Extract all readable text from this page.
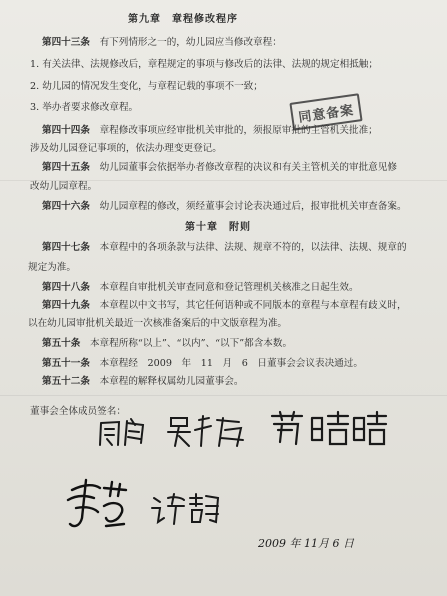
第九章　章程修改程序
第四十三条　 有下列情形之一的，幼儿园应当修改章程：
1. 有关法律、法规修改后，章程规定的事项与修改后的法律、法规的规定相抵触；
2. 幼儿园的情况发生变化，与章程记载的事项不一致；
3. 举办者要求修改章程。	同意备案
第四十四条　 章程修改事项应经审批机关审批的，须报原审批的主管机关批准；
涉及幼儿园登记事项的，依法办理变更登记。
第四十五条　 幼儿园董事会依据举办者修改章程的决议和有关主管机关的审批意见修
改幼儿园章程。
第四十六条　 幼儿园章程的修改，须经董事会讨论表决通过后，报审批机关审查备案。
第十章　附则
第四十七条　 本章程中的各项条款与法律、法规、规章不符的，以法律、法规、规章的
规定为准。
第四十八条　 本章程自审批机关审查同意和登记管理机关核准之日起生效。
第四十九条　 本章程以中文书写，其它任何语种或不同版本的章程与本章程有歧义时，
以在幼儿园审批机关最近一次核准备案后的中文版章程为准。
第五十条　 本章程所称“以上”、“以内”、“以下”都含本数。
第五十一条　 本章程经　2009　年　11　月　6　日董事会会议表决通过。
第五十二条　 本章程的解释权属幼儿园董事会。
董事会全体成员签名：
2009 年 11月 6 日
